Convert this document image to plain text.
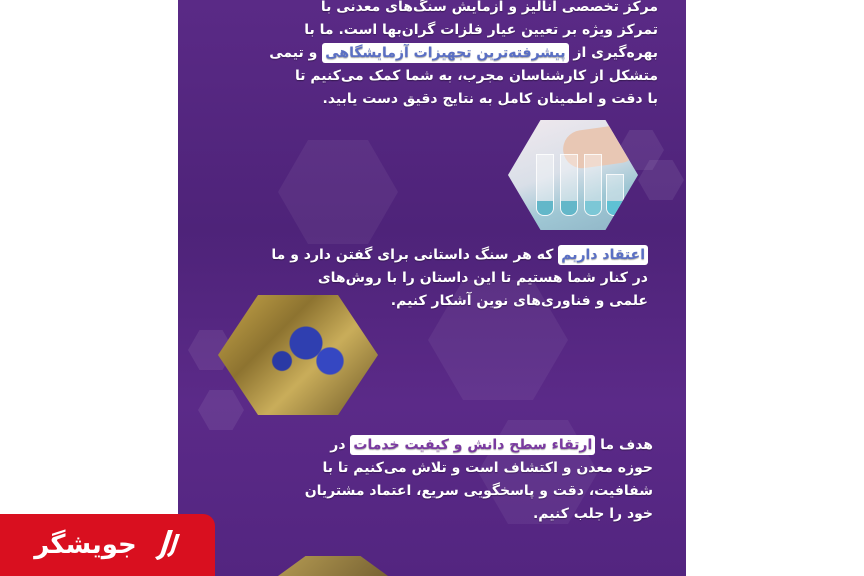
مرکز تخصصی آنالیز و آزمایش سنگ‌های معدنی با
تمرکز ویژه بر تعیین عیار فلزات گران‌بها است. ما با
بهره‌گیری از پیشرفته‌ترین تجهیزات آزمایشگاهی و تیمی
متشکل از کارشناسان مجرب، به شما کمک می‌کنیم تا
با دقت و اطمینان کامل به نتایج دقیق دست یابید.
اعتقاد داریم که هر سنگ داستانی برای گفتن دارد و ما
در کنار شما هستیم تا این داستان را با روش‌های
علمی و فناوری‌های نوین آشکار کنیم.
هدف ما ارتقاء سطح دانش و کیفیت خدمات در
حوزه معدن و اکتشاف است و تلاش می‌کنیم تا با
شفافیت، دقت و پاسخگویی سریع، اعتماد مشتریان
خود را جلب کنیم.
جویشگر
